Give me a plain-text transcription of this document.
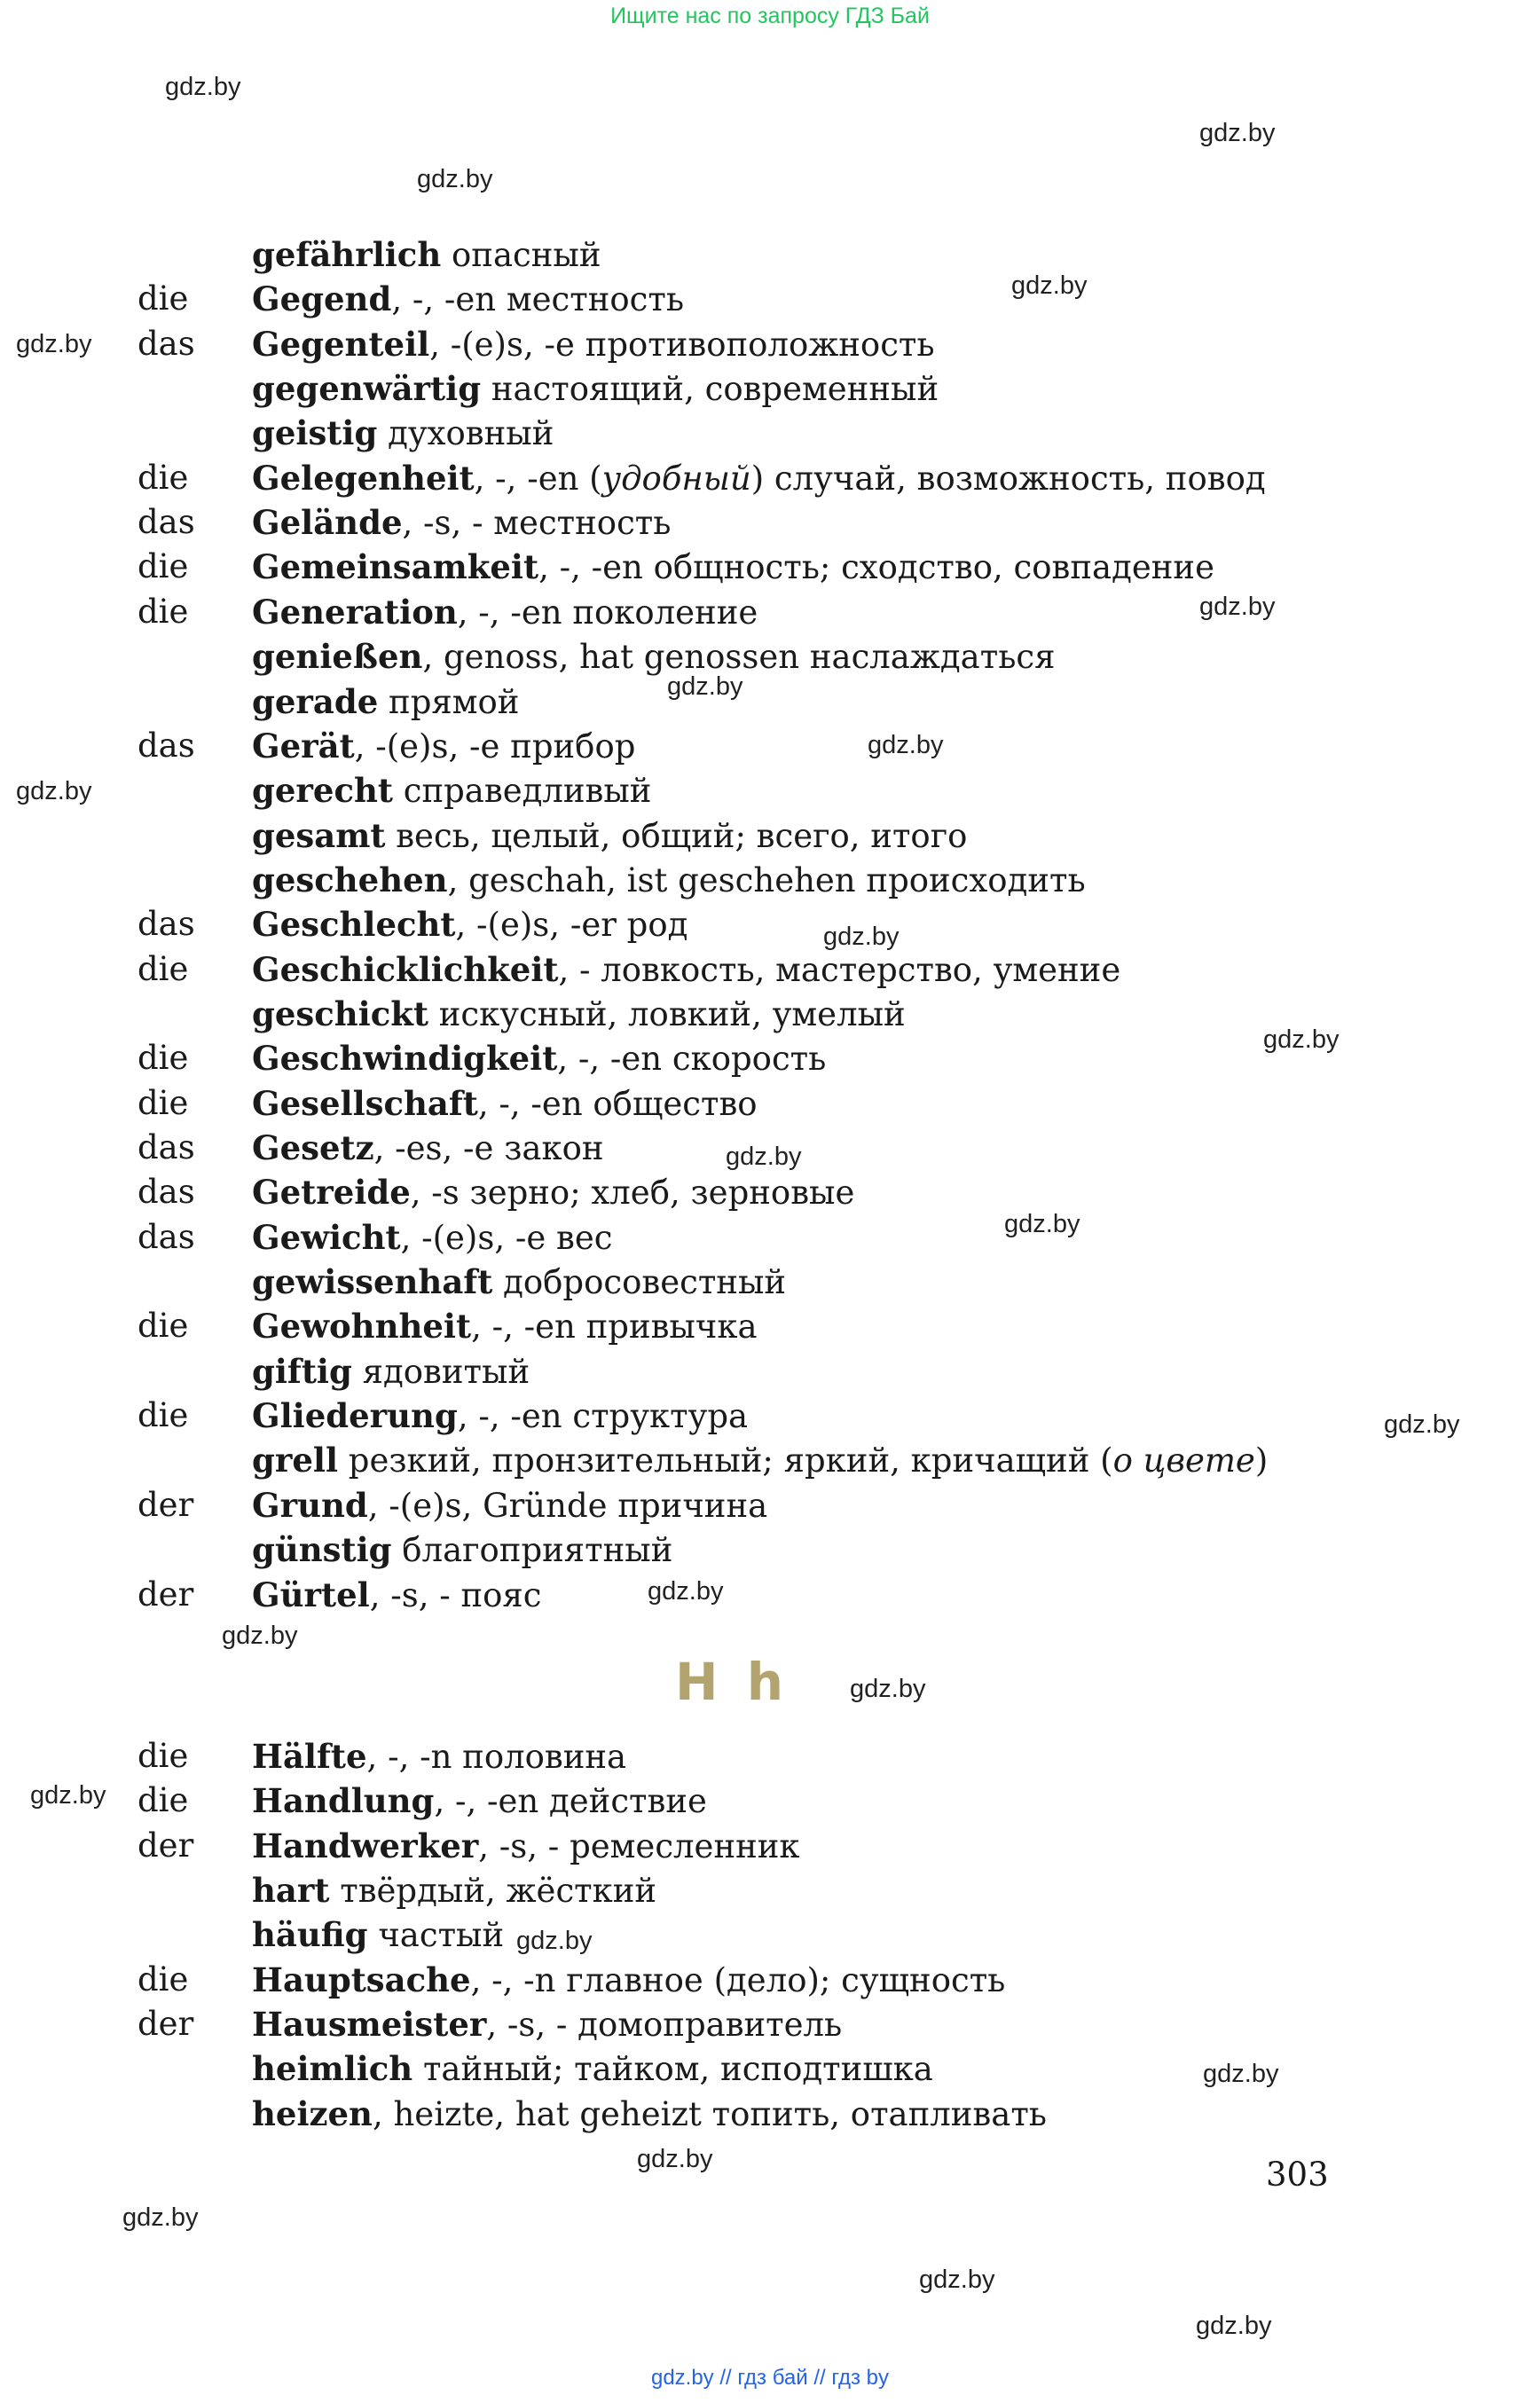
Ищите нас по запросу ГДЗ Бай
gefährlich опасный
die Gegend, -, -en местность
das Gegenteil, -(e)s, -e противоположность
gegenwärtig настоящий, современный
geistig духовный
die Gelegenheit, -, -en (удобный) случай, возможность, повод
das Gelände, -s, - местность
die Gemeinsamkeit, -, -en общность; сходство, совпадение
die Generation, -, -en поколение
genießen, genoss, hat genossen наслаждаться
gerade прямой
das Gerät, -(e)s, -e прибор
gerecht справедливый
gesamt весь, целый, общий; всего, итого
geschehen, geschah, ist geschehen происходить
das Geschlecht, -(e)s, -er род
die Geschicklichkeit, - ловкость, мастерство, умение
geschickt искусный, ловкий, умелый
die Geschwindigkeit, -, -en скорость
die Gesellschaft, -, -en общество
das Gesetz, -es, -e закон
das Getreide, -s зерно; хлеб, зерновые
das Gewicht, -(e)s, -e вес
gewissenhaft добросовестный
die Gewohnheit, -, -en привычка
giftig ядовитый
die Gliederung, -, -en структура
grell резкий, пронзительный; яркий, кричащий (о цвете)
der Grund, -(e)s, Gründe причина
günstig благоприятный
der Gürtel, -s, - пояс
die Hälfte, -, -n половина
die Handlung, -, -en действие
der Handwerker, -s, - ремесленник
hart твёрдый, жёсткий
häufig частый
die Hauptsache, -, -n главное (дело); сущность
der Hausmeister, -s, - домоправитель
heimlich тайный; тайком, исподтишка
heizen, heizte, hat geheizt топить, отапливать
H h
303
gdz.by
gdz.by
gdz.by
gdz.by
gdz.by
gdz.by
gdz.by
gdz.by
gdz.by
gdz.by
gdz.by
gdz.by
gdz.by
gdz.by
gdz.by
gdz.by
gdz.by
gdz.by
gdz.by
gdz.by
gdz.by
gdz.by
gdz.by
gdz.by
gdz.by // гдз бай // гдз by
